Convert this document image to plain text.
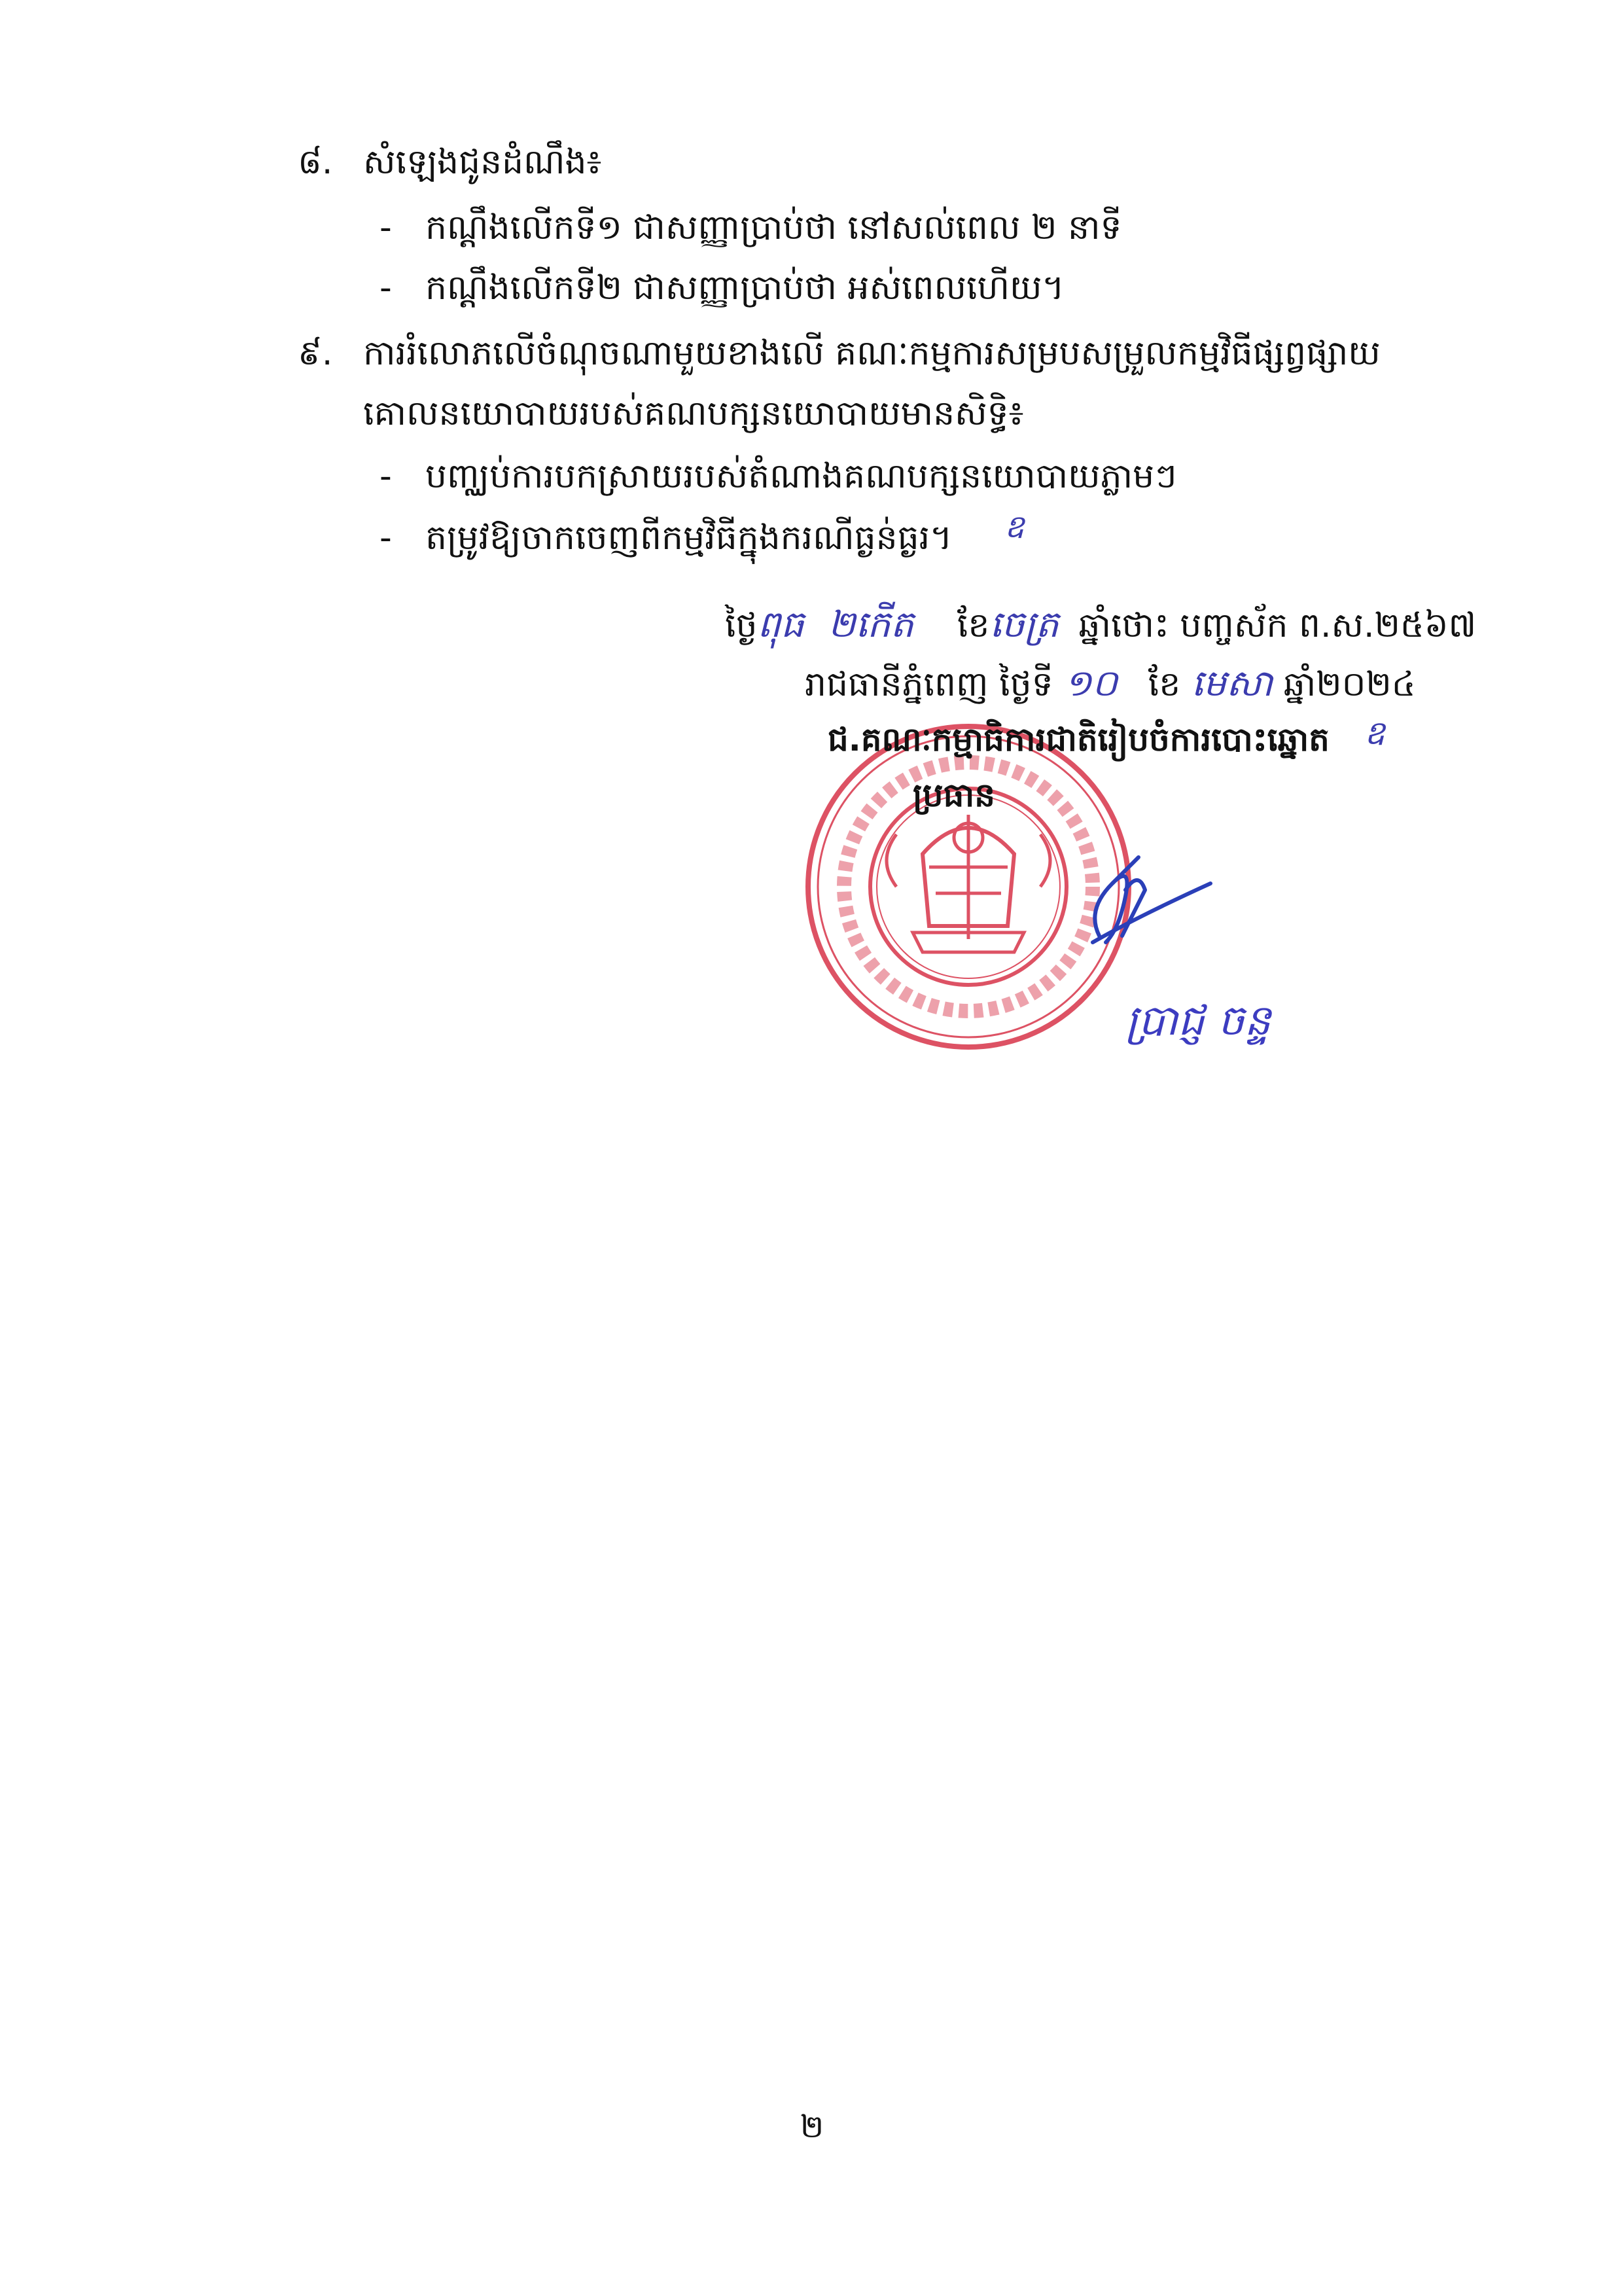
៨. សំឡេងជូនដំណឹង៖
- កណ្ដឹងលើកទី១ ជាសញ្ញាប្រាប់ថា នៅសល់ពេល ២ នាទី
- កណ្ដឹងលើកទី២ ជាសញ្ញាប្រាប់ថា អស់ពេលហើយ។
៩. ការរំលោភលើចំណុចណាមួយខាងលើ គណៈកម្មការសម្របសម្រួលកម្មវិធីផ្សព្វផ្សាយ
គោលនយោបាយរបស់គណបក្សនយោបាយមានសិទ្ធិ៖
- បញ្ឈប់ការបកស្រាយរបស់តំណាងគណបក្សនយោបាយភ្លាមៗ
- តម្រូវឱ្យចាកចេញពីកម្មវិធីក្នុងករណីធ្ងន់ធ្ងរ។ ឧ
ថ្ងៃពុធ ២កើត ខែចេត្រ ឆ្នាំថោះ បញ្ចស័ក ព.ស.២៥៦៧
រាជធានីភ្នំពេញ ថ្ងៃទី ១០ ខែ មេសា ឆ្នាំ២០២៤
ជ.គណៈកម្មាធិការជាតិរៀបចំការបោះឆ្នោត ឧ
ប្រធាន
ប្រាជ្ញ ចន្ទ
២
